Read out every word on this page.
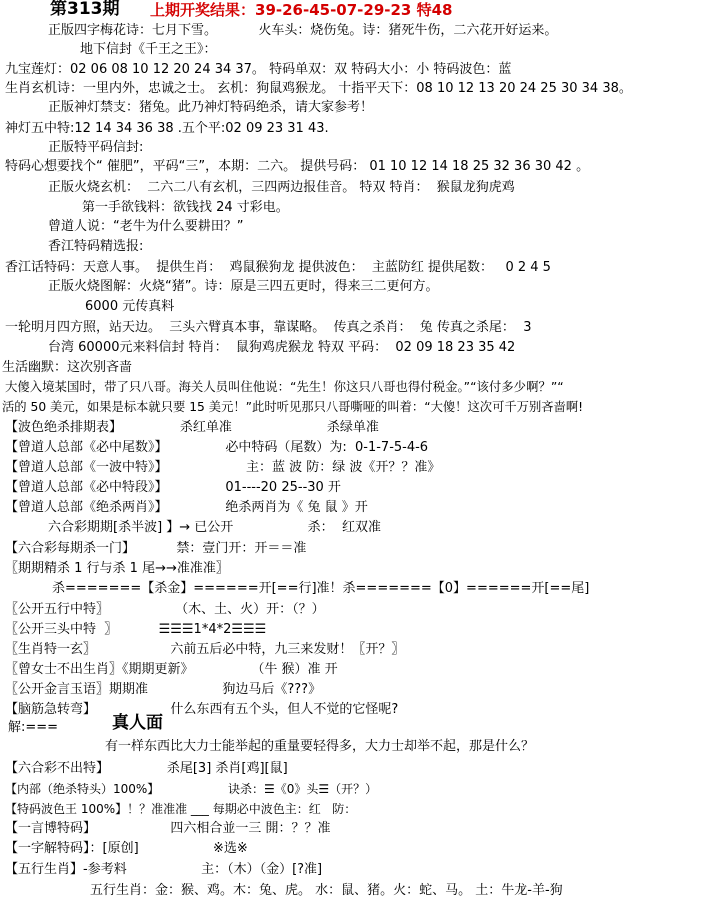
第313期 上期开奖结果：39-26-45-07-29-23 特48
正版四字梅花诗：七月下雪。          火车头：烧伤兔。诗：猪死牛伤，二六花开好运来。
地下信封《千王之王》：
九宝莲灯：02 06 08 10 12 20 24 34 37。 特码单双：双 特码大小：小 特码波色：蓝
生肖玄机诗：一里内外，忠诚之士。 玄机：狗鼠鸡猴龙。 十指平天下：08 10 12 13 20 24 25 30 34 38。
正版神灯禁支：猪兔。此乃神灯特码绝杀，请大家参考！
神灯五中特:12 14 34 36 38 .五个平:02 09 23 31 43.
正版特平码信封:
特码心想要找个“ 催肥”，平码“三”，本期：二六。 提供号码： 01 10 12 14 18 25 32 36 30 42 。
正版火烧玄机：  二六二八有玄机，三四两边报佳音。 特双 特肖：  猴鼠龙狗虎鸡
第一手欲钱料：欲钱找 24 寸彩电。
曾道人说：“老牛为什么要耕田？”
香江特码精选报:
香江话特码：天意人事。  提供生肖：  鸡鼠猴狗龙 提供波色：  主蓝防红 提供尾数：   0 2 4 5
正版火烧图解：火烧“猪”。诗：原是三四五更时，得来三二更何方。
6000 元传真料
一轮明月四方照，站天边。  三头六臂真本事，靠谋略。  传真之杀肖：  兔 传真之杀尾：  3
台湾 60000元来料信封 特肖：  鼠狗鸡虎猴龙 特双 平码：  02 09 18 23 35 42
生活幽默：这次别吝啬
大傻入境某国时，带了只八哥。海关人员叫住他说：“先生！你这只八哥也得付税金。”“该付多少啊？”“
活的 50 美元，如果是标本就只要 15 美元！”此时听见那只八哥嘶哑的叫着：“大傻！这次可千万别吝啬啊!
【波色绝杀排期表】              杀红单准                       杀绿单准
【曾道人总部《必中尾数》】              必中特码（尾数）为:  0-1-7-5-4-6
【曾道人总部《一波中特》】                   主：蓝 波 防：绿 波《开？？准》
【曾道人总部《必中特段》】              01----20 25--30 开
【曾道人总部《绝杀两肖》】              绝杀两肖为《 兔 鼠 》开
六合彩期期[杀半波] 】→ 已公开                  杀：  红双准
【六合彩每期杀一门】          禁：壹门开：开＝＝准
〖期期精杀 1 行与杀 1 尾→→准准准〗
杀=======【杀金】======开[==行]准！杀=======【0】======开[==尾]
〖公开五行中特〗                （木、土、火）开：（？）
〖公开三头中特  〗          ☰☰☰1*4*2☰☰☰
〖生肖特一玄〗                  六前五后必中特，九三来发财！〖开？〗
〖曾女士不出生肖〗《期期更新》              （牛 猴）准 开
〖公开金言玉语〗期期准                  狗边马后《???》
【脑筋急转弯】                  什么东西有五个头，但人不觉的它怪呢?
解:===	真人面
有一样东西比大力士能举起的重量要轻得多，大力士却举不起，那是什么？
【六合彩不出特】              杀尾[3] 杀肖[鸡][鼠]
【内部（绝杀特头）100%】                  诀杀：☰《0》头☰（开？）
【特码波色王 100%】！？准准准 ___ 每期必中波色主：红   防：
【一言博特码】                  四六相合並一三 開：？？准
【一字解特码】：[原创]                  ※选※
【五行生肖】-参考料                  主：（木）（金）[?准]
五行生肖：金：猴、鸡。木：兔、虎。 水：鼠、猪。火：蛇、马。 土：牛龙-羊-狗
